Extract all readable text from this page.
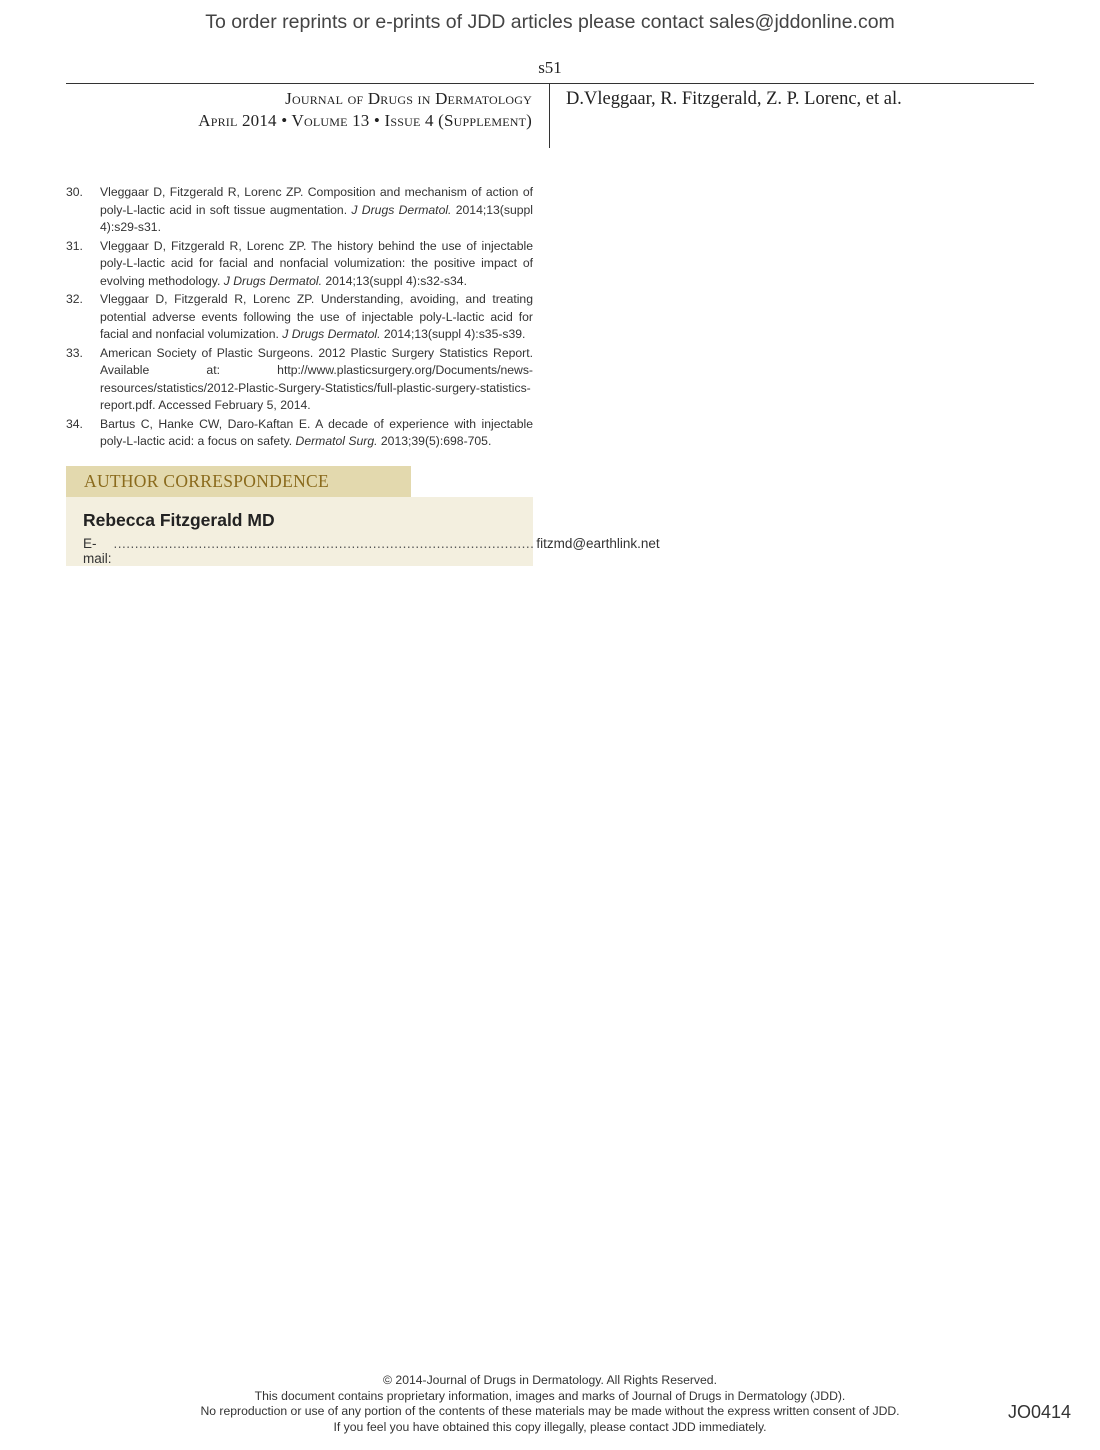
To order reprints or e-prints of JDD articles please contact sales@jddonline.com
s51
Journal of Drugs in Dermatology
April 2014 • Volume 13 • Issue 4 (Supplement)
D.Vleggaar, R. Fitzgerald, Z. P. Lorenc, et al.
30. Vleggaar D, Fitzgerald R, Lorenc ZP. Composition and mechanism of action of poly-L-lactic acid in soft tissue augmentation. J Drugs Dermatol. 2014;13(suppl 4):s29-s31.
31. Vleggaar D, Fitzgerald R, Lorenc ZP. The history behind the use of injectable poly-L-lactic acid for facial and nonfacial volumization: the positive impact of evolving methodology. J Drugs Dermatol. 2014;13(suppl 4):s32-s34.
32. Vleggaar D, Fitzgerald R, Lorenc ZP. Understanding, avoiding, and treating potential adverse events following the use of injectable poly-L-lactic acid for facial and nonfacial volumization. J Drugs Dermatol. 2014;13(suppl 4):s35-s39.
33. American Society of Plastic Surgeons. 2012 Plastic Surgery Statistics Report. Available at: http://www.plasticsurgery.org/Documents/news-resources/statistics/2012-Plastic-Surgery-Statistics/full-plastic-surgery-statistics-report.pdf. Accessed February 5, 2014.
34. Bartus C, Hanke CW, Daro-Kaftan E. A decade of experience with injectable poly-L-lactic acid: a focus on safety. Dermatol Surg. 2013;39(5):698-705.
AUTHOR CORRESPONDENCE
Rebecca Fitzgerald MD
E-mail:
................................................................................................... fitzmd@earthlink.net
© 2014-Journal of Drugs in Dermatology. All Rights Reserved.
This document contains proprietary information, images and marks of Journal of Drugs in Dermatology (JDD).
No reproduction or use of any portion of the contents of these materials may be made without the express written consent of JDD.
If you feel you have obtained this copy illegally, please contact JDD immediately.
JO0414
